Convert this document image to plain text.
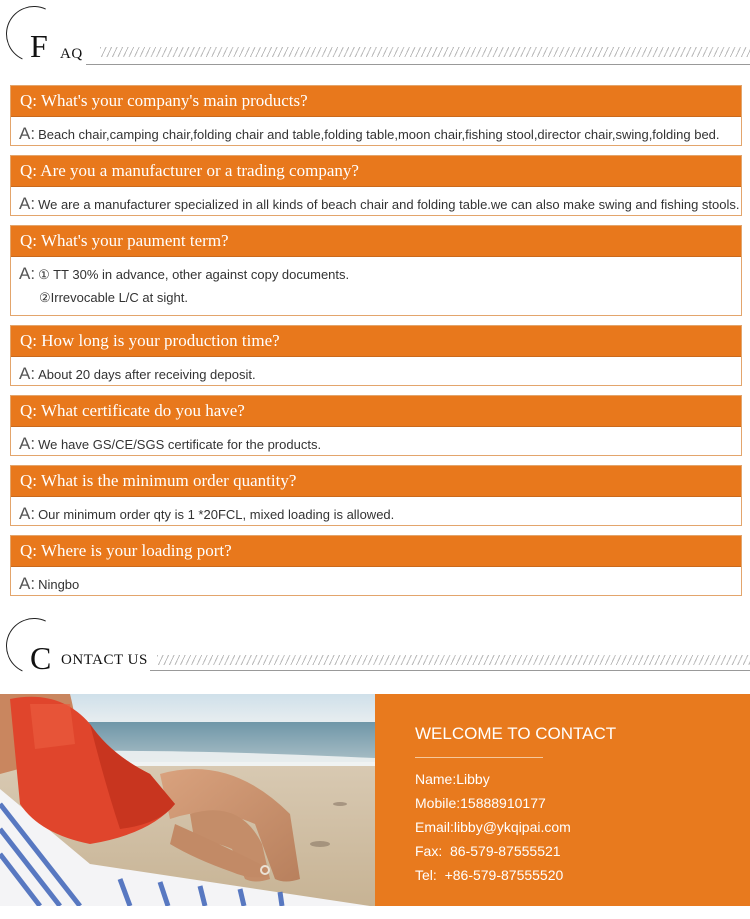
F AQ
Q: What's your company's main products?
A: Beach chair,camping chair,folding chair and table,folding table,moon chair,fishing stool,director chair,swing,folding bed.
Q: Are you a manufacturer or a trading company?
A: We are a manufacturer specialized in all kinds of beach chair and folding table.we can also make swing and fishing stools.
Q: What's your paument term?
A: ① TT 30% in advance, other against copy documents.
②Irrevocable L/C at sight.
Q: How long is your production time?
A: About 20 days after receiving deposit.
Q: What certificate do you have?
A: We have GS/CE/SGS certificate for the products.
Q: What is the minimum order quantity?
A: Our minimum order qty is 1 *20FCL, mixed loading is allowed.
Q: Where is your loading port?
A: Ningbo
C ONTACT US
WELCOME TO CONTACT
Name:Libby
Mobile:15888910177
Email:libby@ykqipai.com
Fax:  86-579-87555521
Tel:  +86-579-87555520
